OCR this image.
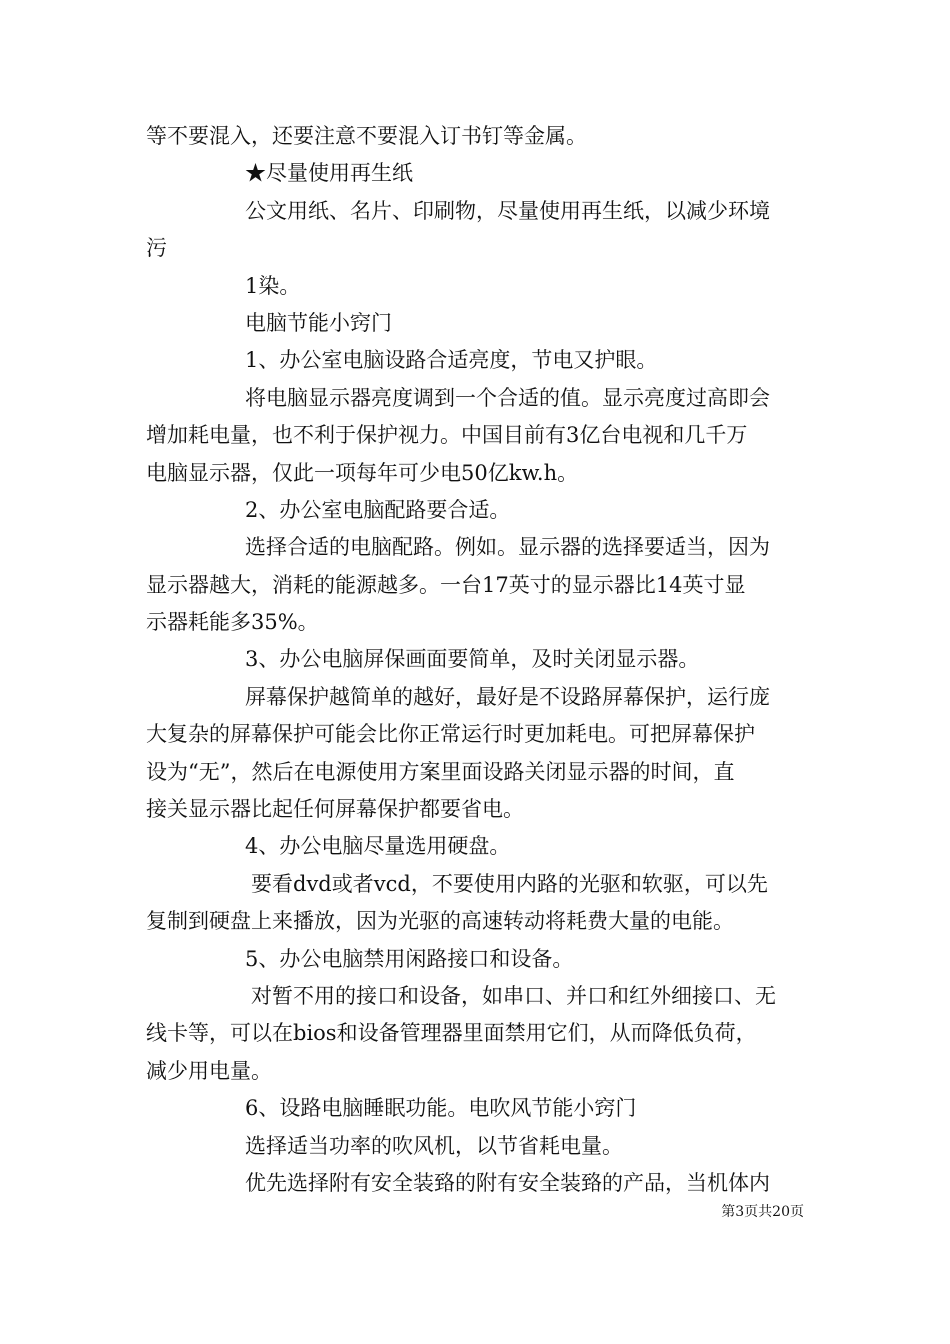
等不要混入，还要注意不要混入订书钉等金属。
★尽量使用再生纸
公文用纸、名片、印刷物，尽量使用再生纸，以减少环境
污
1染。
电脑节能小窍门
1、办公室电脑设路合适亮度，节电又护眼。
将电脑显示器亮度调到一个合适的值。显示亮度过高即会
增加耗电量，也不利于保护视力。中国目前有3亿台电视和几千万
电脑显示器，仅此一项每年可少电50亿kw.h。
2、办公室电脑配路要合适。
选择合适的电脑配路。例如。显示器的选择要适当，因为
显示器越大，消耗的能源越多。一台17英寸的显示器比14英寸显
示器耗能多35%。
3、办公电脑屏保画面要简单，及时关闭显示器。
屏幕保护越简单的越好，最好是不设路屏幕保护，运行庞
大复杂的屏幕保护可能会比你正常运行时更加耗电。可把屏幕保护
设为“无”，然后在电源使用方案里面设路关闭显示器的时间，直
接关显示器比起任何屏幕保护都要省电。
4、办公电脑尽量选用硬盘。
要看dvd或者vcd，不要使用内路的光驱和软驱，可以先
复制到硬盘上来播放，因为光驱的高速转动将耗费大量的电能。
5、办公电脑禁用闲路接口和设备。
对暂不用的接口和设备，如串口、并口和红外细接口、无
线卡等，可以在bios和设备管理器里面禁用它们，从而降低负荷，
减少用电量。
6、设路电脑睡眠功能。电吹风节能小窍门
选择适当功率的吹风机，以节省耗电量。
优先选择附有安全装臵的附有安全装臵的产品，当机体内
第3页共20页
